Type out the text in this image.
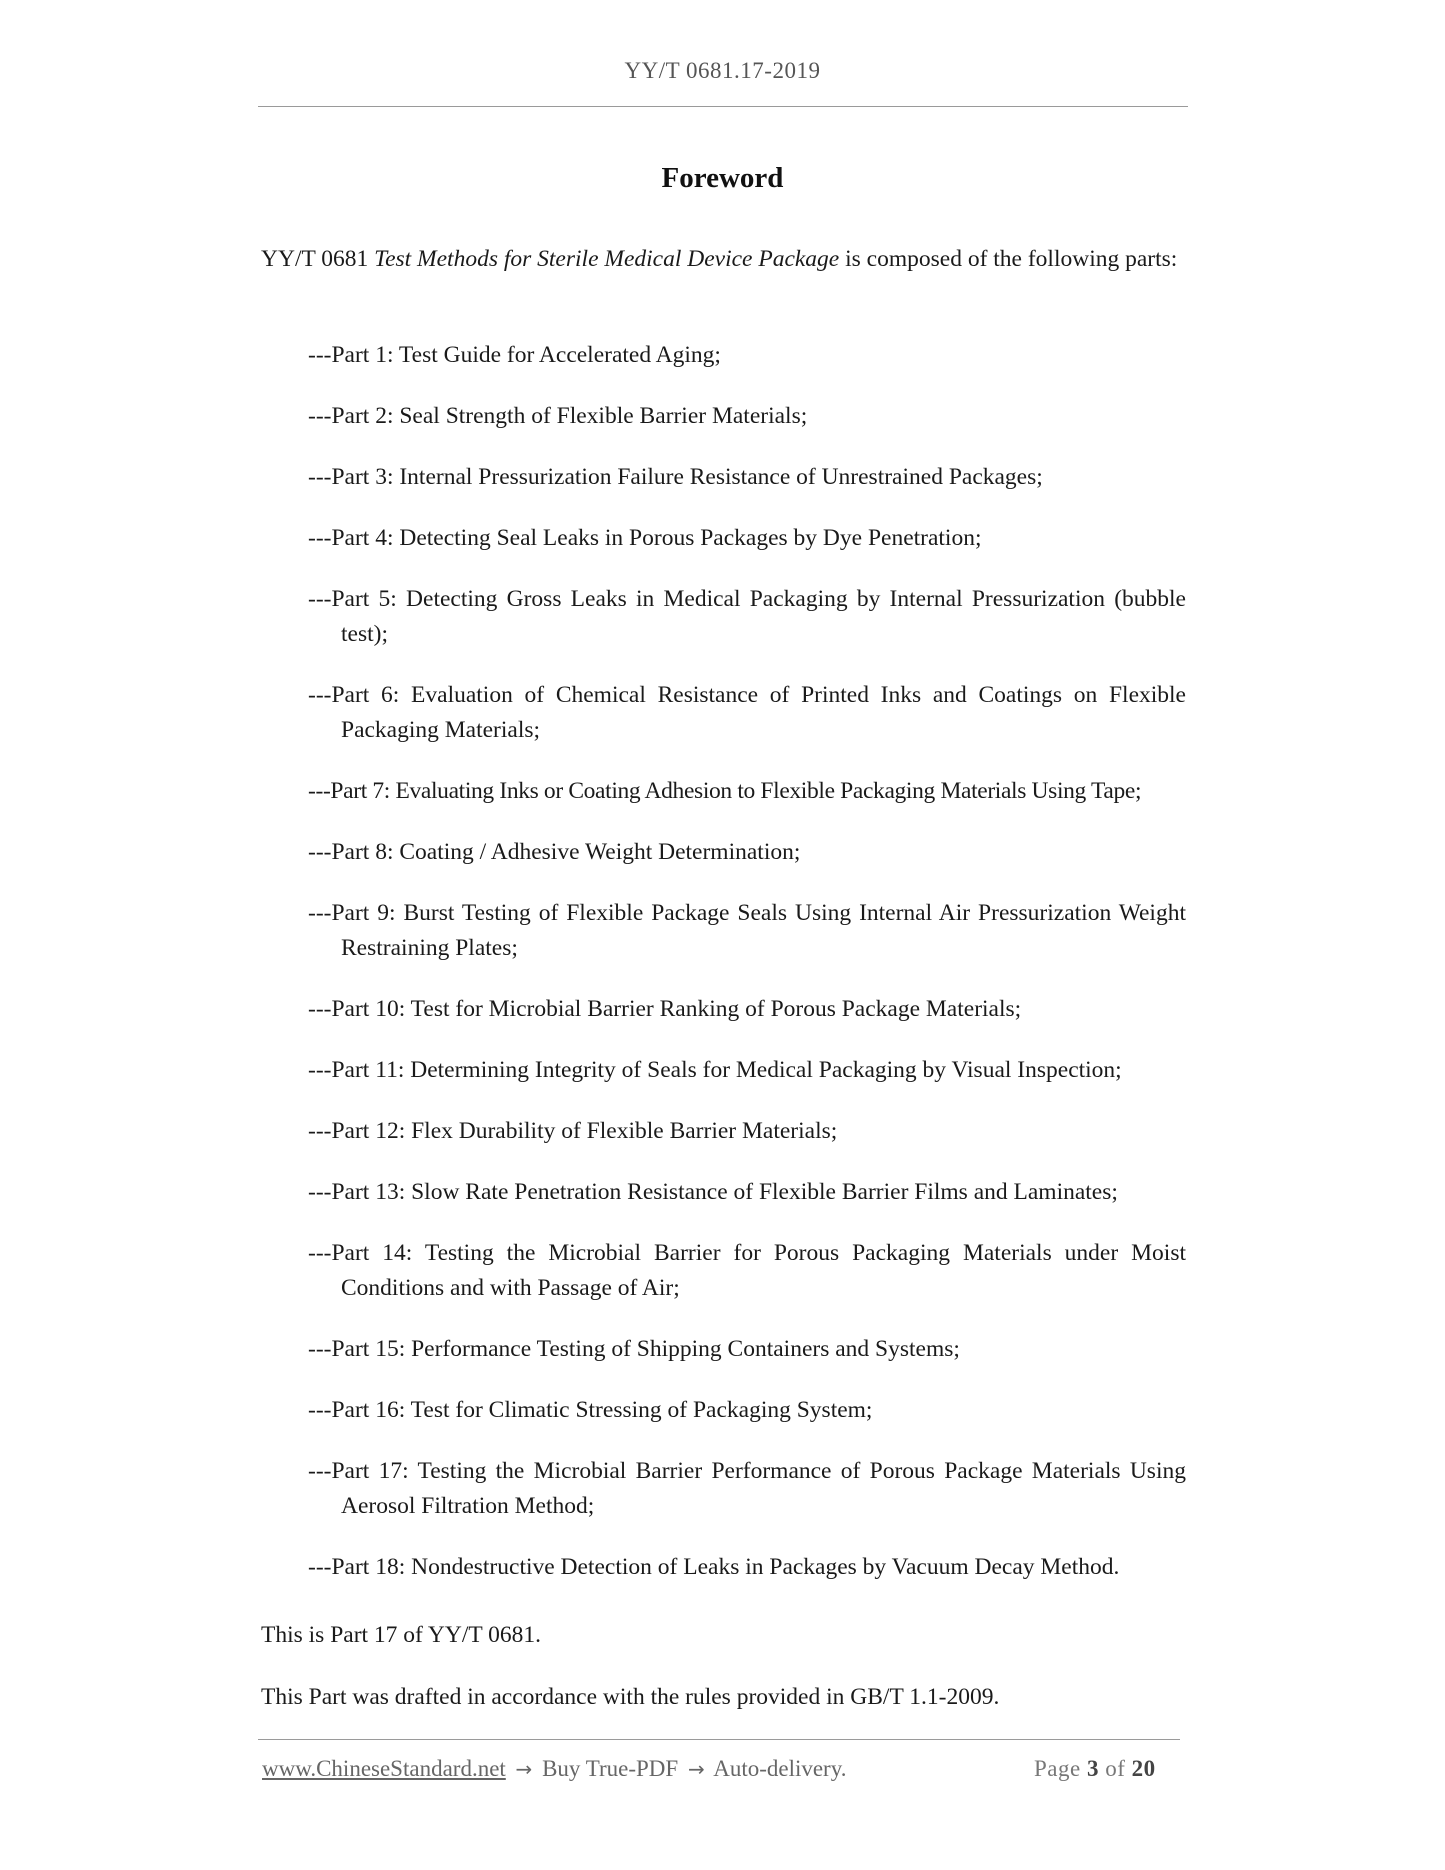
YY/T 0681.17-2019
Foreword

YY/T 0681 Test Methods for Sterile Medical Device Package is composed of the following parts:

---Part 1: Test Guide for Accelerated Aging;
---Part 2: Seal Strength of Flexible Barrier Materials;
---Part 3: Internal Pressurization Failure Resistance of Unrestrained Packages;
---Part 4: Detecting Seal Leaks in Porous Packages by Dye Penetration;
---Part 5: Detecting Gross Leaks in Medical Packaging by Internal Pressurization (bubble test);
---Part 6: Evaluation of Chemical Resistance of Printed Inks and Coatings on Flexible Packaging Materials;
---Part 7: Evaluating Inks or Coating Adhesion to Flexible Packaging Materials Using Tape;
---Part 8: Coating / Adhesive Weight Determination;
---Part 9: Burst Testing of Flexible Package Seals Using Internal Air Pressurization Weight Restraining Plates;
---Part 10: Test for Microbial Barrier Ranking of Porous Package Materials;
---Part 11: Determining Integrity of Seals for Medical Packaging by Visual Inspection;
---Part 12: Flex Durability of Flexible Barrier Materials;
---Part 13: Slow Rate Penetration Resistance of Flexible Barrier Films and Laminates;
---Part 14: Testing the Microbial Barrier for Porous Packaging Materials under Moist Conditions and with Passage of Air;
---Part 15: Performance Testing of Shipping Containers and Systems;
---Part 16: Test for Climatic Stressing of Packaging System;
---Part 17: Testing the Microbial Barrier Performance of Porous Package Materials Using Aerosol Filtration Method;
---Part 18: Nondestructive Detection of Leaks in Packages by Vacuum Decay Method.

This is Part 17 of YY/T 0681.

This Part was drafted in accordance with the rules provided in GB/T 1.1-2009.

www.ChineseStandard.net → Buy True-PDF → Auto-delivery.	Page 3 of 20
